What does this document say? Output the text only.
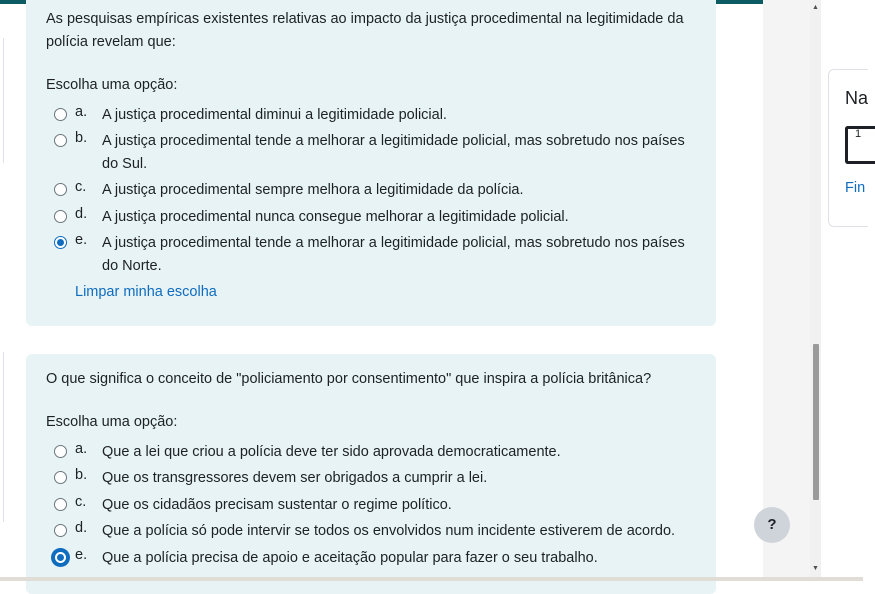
As pesquisas empíricas existentes relativas ao impacto da justiça procedimental na legitimidade da polícia revelam que:
Escolha uma opção:
a. A justiça procedimental diminui a legitimidade policial.
b. A justiça procedimental tende a melhorar a legitimidade policial, mas sobretudo nos países do Sul.
c. A justiça procedimental sempre melhora a legitimidade da polícia.
d. A justiça procedimental nunca consegue melhorar a legitimidade policial.
e. A justiça procedimental tende a melhorar a legitimidade policial, mas sobretudo nos países do Norte.
Limpar minha escolha
O que significa o conceito de "policiamento por consentimento" que inspira a polícia britânica?
Escolha uma opção:
a. Que a lei que criou a polícia deve ter sido aprovada democraticamente.
b. Que os transgressores devem ser obrigados a cumprir a lei.
c. Que os cidadãos precisam sustentar o regime político.
d. Que a polícia só pode intervir se todos os envolvidos num incidente estiverem de acordo.
e. Que a polícia precisa de apoio e aceitação popular para fazer o seu trabalho.
?
▲
▼
Na
1
Fin
